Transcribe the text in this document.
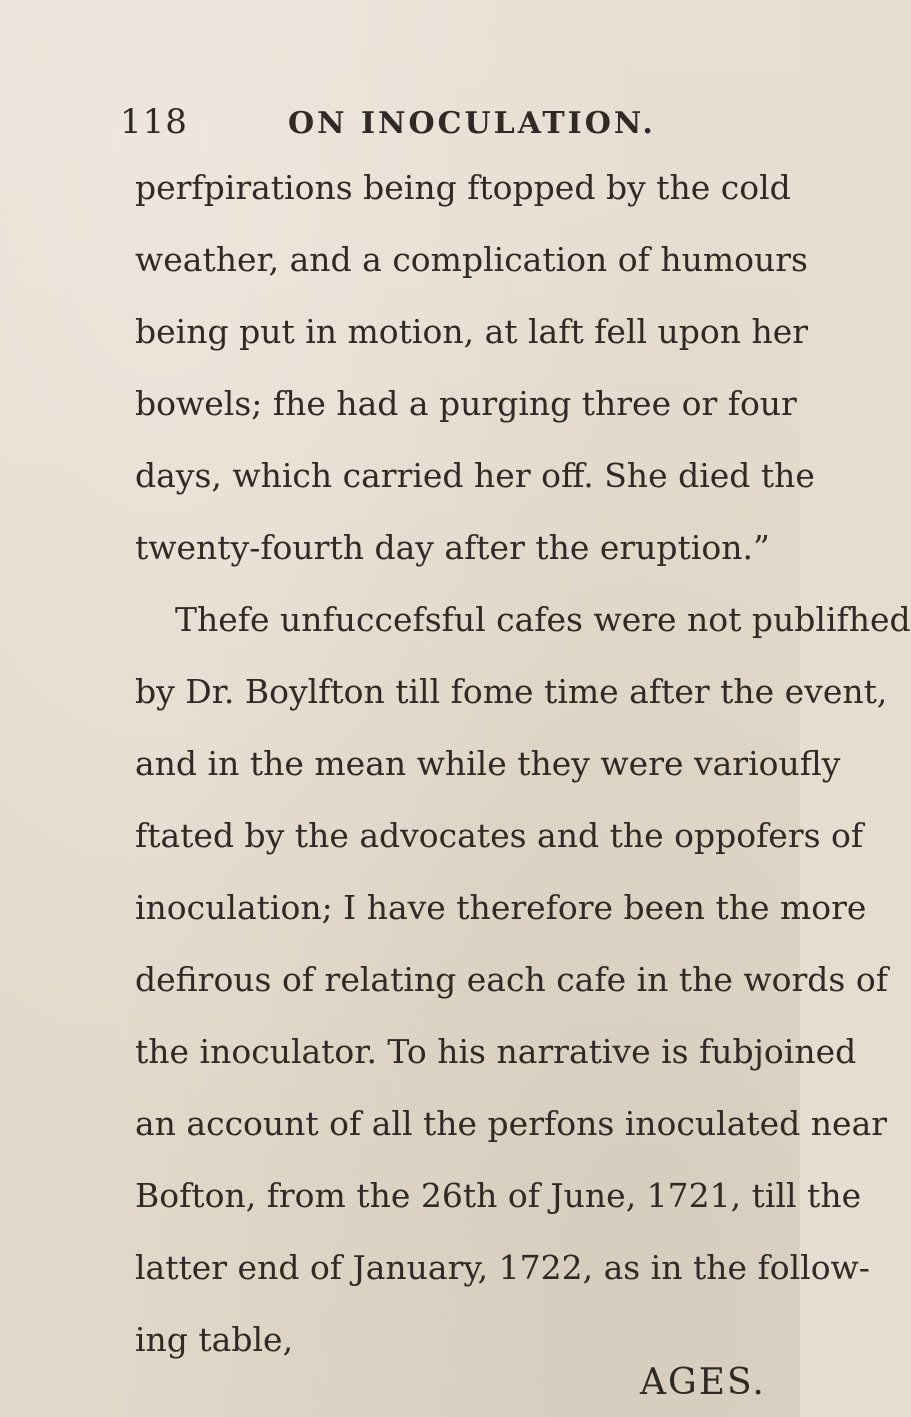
118	ON INOCULATION.
perfpirations being ftopped by the cold
weather, and a complication of humours
being put in motion, at laft fell upon her
bowels; fhe had a purging three or four
days, which carried her off. She died the
twenty-fourth day after the eruption.”
Thefe unfuccefsful cafes were not publifhed
by Dr. Boylfton till fome time after the event,
and in the mean while they were varioufly
ftated by the advocates and the oppofers of
inoculation; I have therefore been the more
defirous of relating each cafe in the words of
the inoculator. To his narrative is fubjoined
an account of all the perfons inoculated near
Bofton, from the 26th of June, 1721, till the
latter end of January, 1722, as in the follow-
ing table,
AGES.
